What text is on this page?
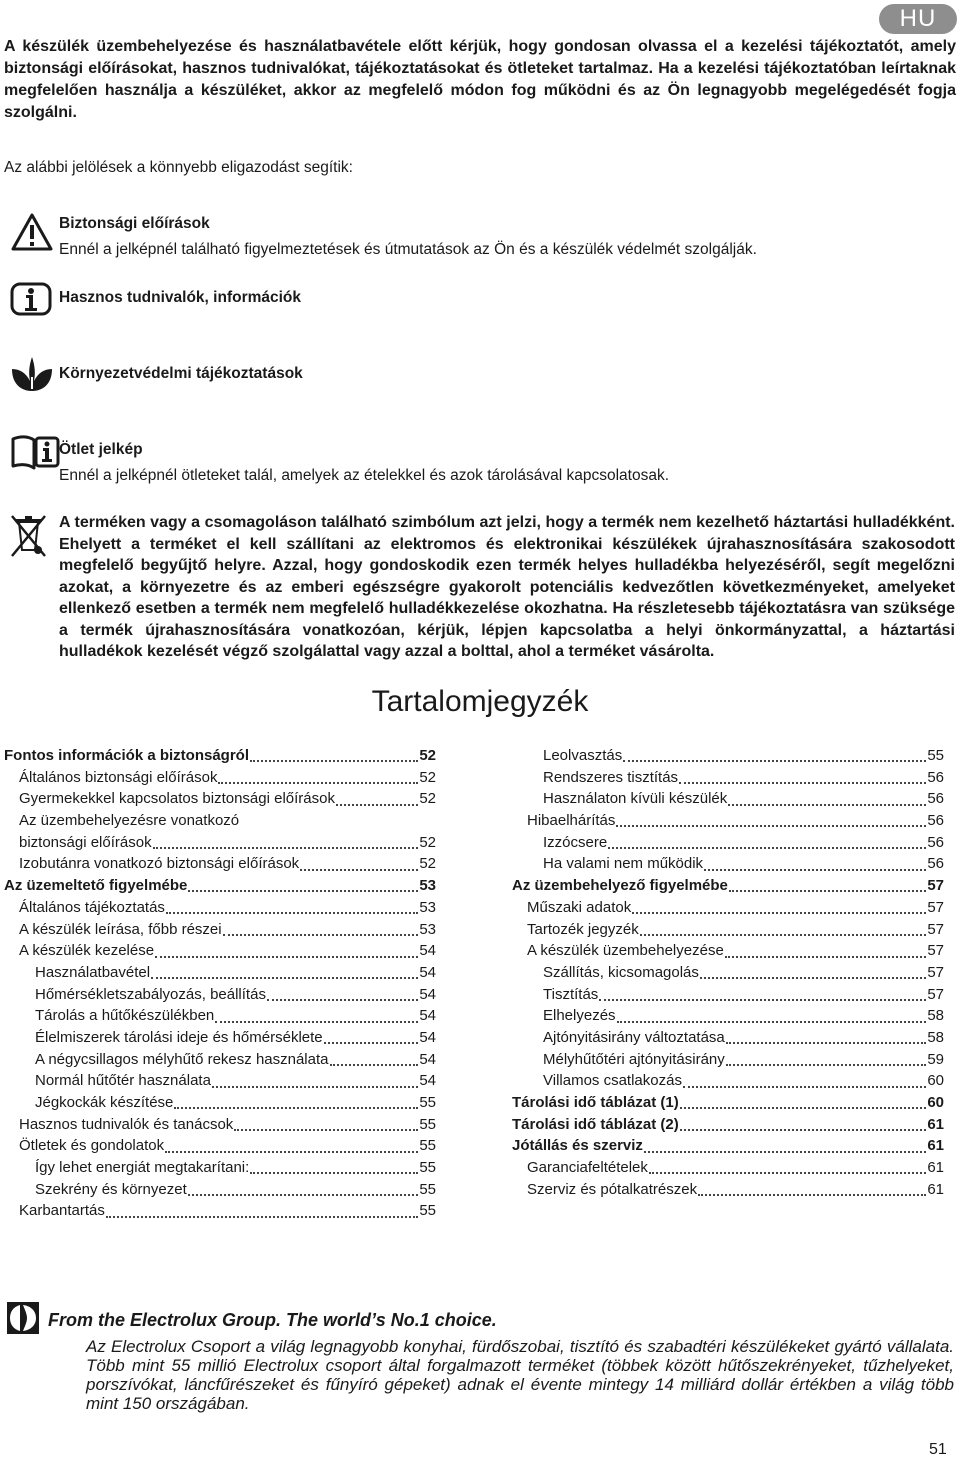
HU
A készülék üzembehelyezése és használatbavétele előtt kérjük, hogy gondosan olvassa el a kezelési tájékoztatót, amely biztonsági előírásokat, hasznos tudnivalókat, tájékoztatásokat és ötleteket tartalmaz. Ha a kezelési tájékoztatóban leírtaknak megfelelően használja a készüléket, akkor az megfelelő módon fog működni és az Ön legnagyobb megelégedését fogja szolgálni.
Az alábbi jelölések a könnyebb eligazodást segítik:
Biztonsági előírások
Ennél a jelképnél található figyelmeztetések és útmutatások az Ön és a készülék védelmét szolgálják.
Hasznos tudnivalók, információk
Környezetvédelmi tájékoztatások
Ötlet jelkép
Ennél a jelképnél ötleteket talál, amelyek az ételekkel és azok tárolásával kapcsolatosak.
A terméken vagy a csomagoláson található szimbólum azt jelzi, hogy a termék nem kezelhető háztartási hulladékként. Ehelyett a terméket el kell szállítani az elektromos és elektronikai készülékek újrahasznosítására szakosodott megfelelő begyűjtő helyre. Azzal, hogy gondoskodik ezen termék helyes hulladékba helyezéséről, segít megelőzni azokat, a környezetre és az emberi egészségre gyakorolt potenciális kedvezőtlen következményeket, amelyeket ellenkező esetben a termék nem megfelelő hulladékkezelése okozhatna. Ha részletesebb tájékoztatásra van szüksége a termék újrahasznosítására vonatkozóan, kérjük, lépjen kapcsolatba a helyi önkormányzattal, a háztartási hulladékok kezelését végző szolgálattal vagy azzal a bolttal, ahol a terméket vásárolta.
Tartalomjegyzék
Fontos információk a biztonságról	52
Általános biztonsági előírások	52
Gyermekekkel kapcsolatos biztonsági előírások	52
Az üzembehelyezésre vonatkozó
biztonsági előírások	52
Izobutánra vonatkozó biztonsági előírások	52
Az üzemeltető figyelmébe	53
Általános tájékoztatás	53
A készülék leírása, főbb részei	53
A készülék kezelése	54
Használatbavétel	54
Hőmérsékletszabályozás, beállítás	54
Tárolás a hűtőkészülékben	54
Élelmiszerek tárolási ideje és hőmérséklete	54
A négycsillagos mélyhűtő rekesz használata	54
Normál hűtőtér használata	54
Jégkockák készítése	55
Hasznos tudnivalók és tanácsok	55
Ötletek és gondolatok	55
Így lehet energiát megtakarítani:	55
Szekrény és környezet	55
Karbantartás	55
Leolvasztás	55
Rendszeres tisztítás	56
Használaton kívüli készülék	56
Hibaelhárítás	56
Izzócsere	56
Ha valami nem működik	56
Az üzembehelyező figyelmébe	57
Műszaki adatok	57
Tartozék jegyzék	57
A készülék üzembehelyezése	57
Szállítás, kicsomagolás	57
Tisztítás	57
Elhelyezés	58
Ajtónyitásirány változtatása	58
Mélyhűtőtéri ajtónyitásirány	59
Villamos csatlakozás	60
Tárolási idő táblázat (1)	60
Tárolási idő táblázat (2)	61
Jótállás és szerviz	61
Garanciafeltételek	61
Szerviz és pótalkatrészek	61
From the Electrolux Group. The world’s No.1 choice.
Az Electrolux Csoport a világ legnagyobb konyhai, fürdőszobai, tisztító és szabadtéri készülékeket gyártó vállalata. Több mint 55 millió Electrolux csoport által forgalmazott terméket (többek között hűtőszekrényeket, tűzhelyeket, porszívókat, láncfűrészeket és fűnyíró gépeket) adnak el évente mintegy 14 milliárd dollár értékben a világ több mint 150 országában.
51
